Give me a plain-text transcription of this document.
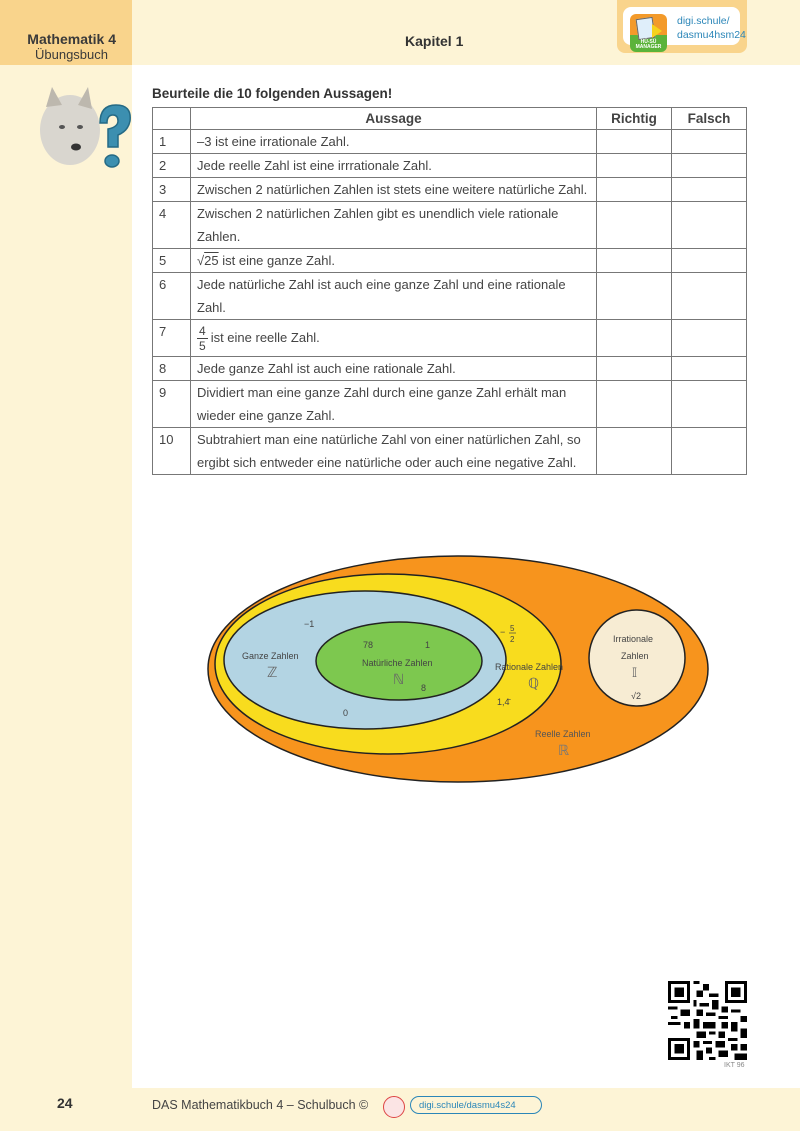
Mathematik 4
Übungsbuch
Kapitel 1	HÜ-SÜ MANAGER
digi.schule/
dasmu4hsm24
Beurteile die 10 folgenden Aussagen!
	Aussage	Richtig	Falsch
1	–3 ist eine irrationale Zahl.		
2	Jede reelle Zahl ist eine irrrationale Zahl.		
3	Zwischen 2 natürlichen Zahlen ist stets eine weitere natürliche Zahl.		
4	Zwischen 2 natürlichen Zahlen gibt es unendlich viele rationale Zahlen.		
5	√25 ist eine ganze Zahl.		
6	Jede natürliche Zahl ist auch eine ganze Zahl und eine rationale Zahl.		
7	$\frac{4}{5}$ ist eine reelle Zahl.		
8	Jede ganze Zahl ist auch eine rationale Zahl.		
9	Dividiert man eine ganze Zahl durch eine ganze Zahl erhält man wieder eine ganze Zahl.		
10	Subtrahiert man eine natürliche Zahl von einer natürlichen Zahl, so ergibt sich entweder eine natürliche oder auch eine negative Zahl.		
−1
Ganze Zahlen
ℤ
0
78	1
Natürliche Zahlen
ℕ
8
− 5
2
Rationale Zahlen
ℚ
1,4̄
Irrationale
Zahlen
𝕀
√2
Reelle Zahlen
ℝ
IKT 96
24	DAS Mathematikbuch 4 – Schulbuch ©	digi.schule/dasmu4s24
